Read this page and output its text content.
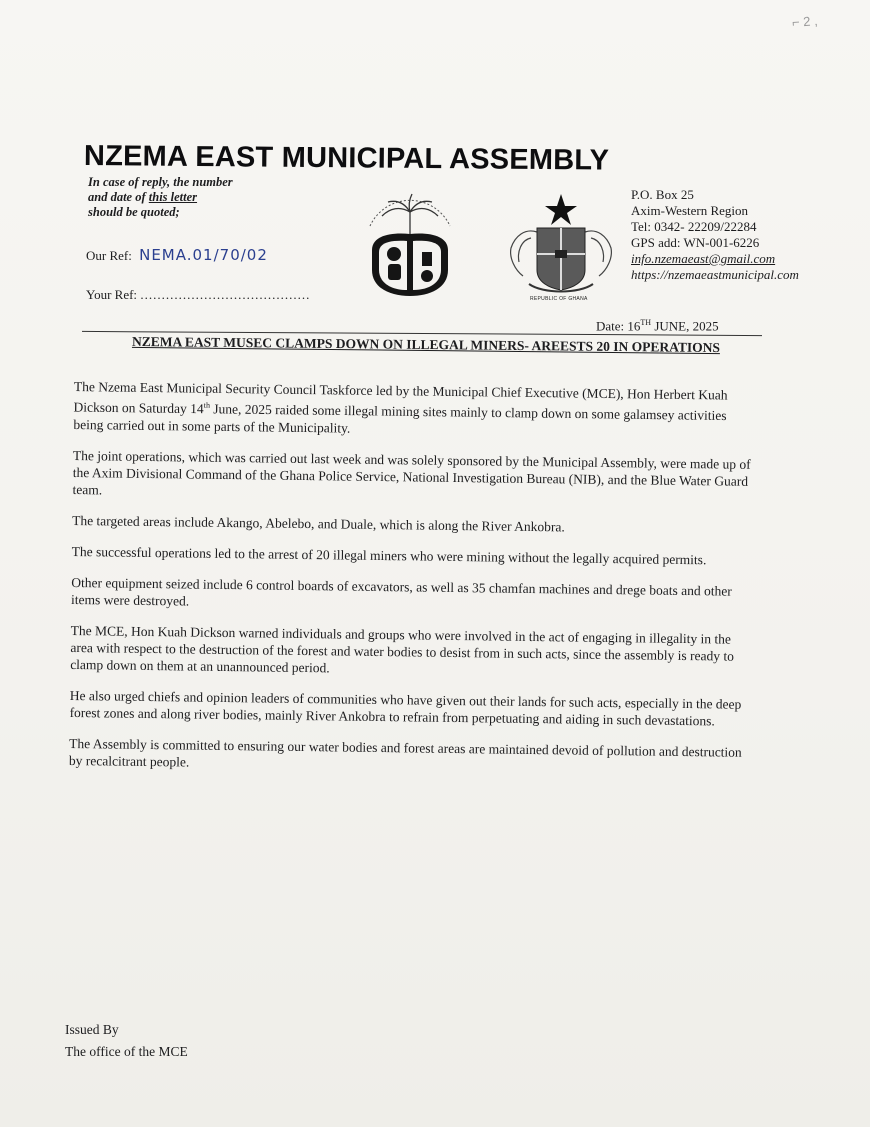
⌐ 2 ,
NZEMA EAST MUNICIPAL ASSEMBLY
In case of reply, the number
and date of this letter
should be quoted;
Our Ref: NEMA.01/70/02
Your Ref: ........................................	REPUBLIC OF GHANA
P.O. Box 25
Axim-Western Region
Tel: 0342- 22209/22284
GPS add: WN-001-6226
info.nzemaeast@gmail.com
https://nzemaeastmunicipal.com
Date: 16TH JUNE, 2025
NZEMA EAST MUSEC CLAMPS DOWN ON ILLEGAL MINERS- AREESTS 20 IN OPERATIONS

The Nzema East Municipal Security Council Taskforce led by the Municipal Chief Executive (MCE), Hon Herbert Kuah Dickson on Saturday 14th June, 2025 raided some illegal mining sites mainly to clamp down on some galamsey activities being carried out in some parts of the Municipality.

The joint operations, which was carried out last week and was solely sponsored by the Municipal Assembly, were made up of the Axim Divisional Command of the Ghana Police Service, National Investigation Bureau (NIB), and the Blue Water Guard team.

The targeted areas include Akango, Abelebo, and Duale, which is along the River Ankobra.

The successful operations led to the arrest of 20 illegal miners who were mining without the legally acquired permits.

Other equipment seized include 6 control boards of excavators, as well as 35 chamfan machines and drege boats and other items were destroyed.

The MCE, Hon Kuah Dickson warned individuals and groups who were involved in the act of engaging in illegality in the area with respect to the destruction of the forest and water bodies to desist from in such acts, since the assembly is ready to clamp down on them at an unannounced period.

He also urged chiefs and opinion leaders of communities who have given out their lands for such acts, especially in the deep forest zones and along river bodies, mainly River Ankobra to refrain from perpetuating and aiding in such devastations.

The Assembly is committed to ensuring our water bodies and forest areas are maintained devoid of pollution and destruction by recalcitrant people.

Issued By
The office of the MCE
